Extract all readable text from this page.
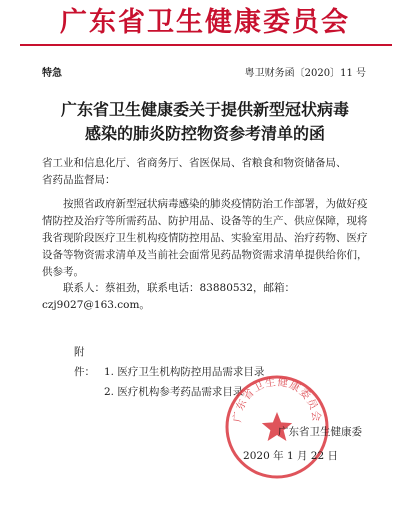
广东省卫生健康委员会
特急	粤卫财务函〔2020〕11 号
广东省卫生健康委关于提供新型冠状病毒
感染的肺炎防控物资参考清单的函
省工业和信息化厅、省商务厅、省医保局、省粮食和物资储备局、
省药品监督局：
按照省政府新型冠状病毒感染的肺炎疫情防治工作部署，为做好疫情防控及治疗等所需药品、防护用品、设备等的生产、供应保障，现将我省现阶段医疗卫生机构疫情防控用品、实验室用品、治疗药物、医疗设备等物资需求清单及当前社会面常见药品物资需求清单提供给你们，供参考。

联系人：蔡祖劲，联系电话：83880532，邮箱：

czj9027@163.com。

附件： 1. 医疗卫生机构防控用品需求目录
2. 医疗机构参考药品需求目录
广东省卫生健康委员会
广东省卫生健康委
2020 年 1 月 22 日
